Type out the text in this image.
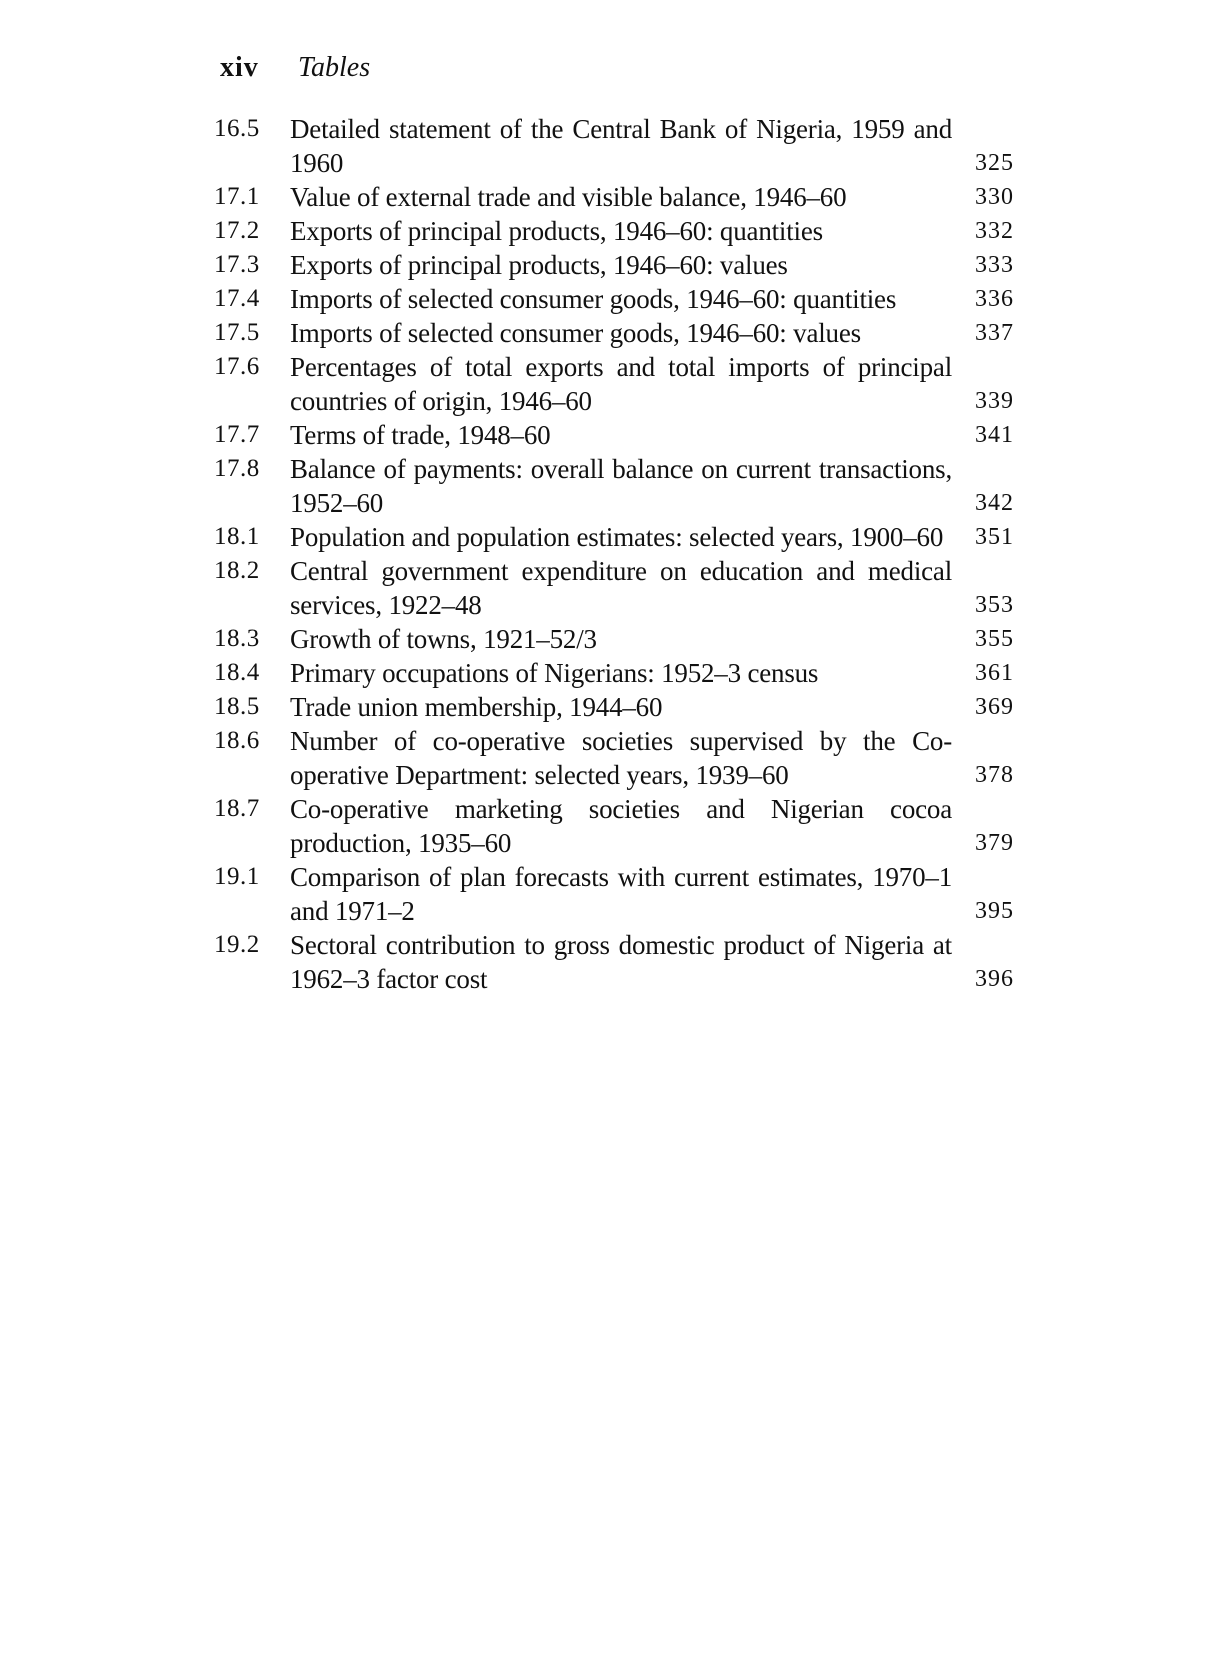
xiv	Tables
16.5	Detailed statement of the Central Bank of Nigeria, 1959 and 1960	325
17.1	Value of external trade and visible balance, 1946–60	330
17.2	Exports of principal products, 1946–60: quantities	332
17.3	Exports of principal products, 1946–60: values	333
17.4	Imports of selected consumer goods, 1946–60: quantities	336
17.5	Imports of selected consumer goods, 1946–60: values	337
17.6	Percentages of total exports and total imports of principal countries of origin, 1946–60	339
17.7	Terms of trade, 1948–60	341
17.8	Balance of payments: overall balance on current transactions, 1952–60	342
18.1	Population and population estimates: selected years, 1900–60	351
18.2	Central government expenditure on education and medical services, 1922–48	353
18.3	Growth of towns, 1921–52/3	355
18.4	Primary occupations of Nigerians: 1952–3 census	361
18.5	Trade union membership, 1944–60	369
18.6	Number of co-operative societies supervised by the Co-operative Department: selected years, 1939–60	378
18.7	Co-operative marketing societies and Nigerian cocoa production, 1935–60	379
19.1	Comparison of plan forecasts with current estimates, 1970–1 and 1971–2	395
19.2	Sectoral contribution to gross domestic product of Nigeria at 1962–3 factor cost	396
